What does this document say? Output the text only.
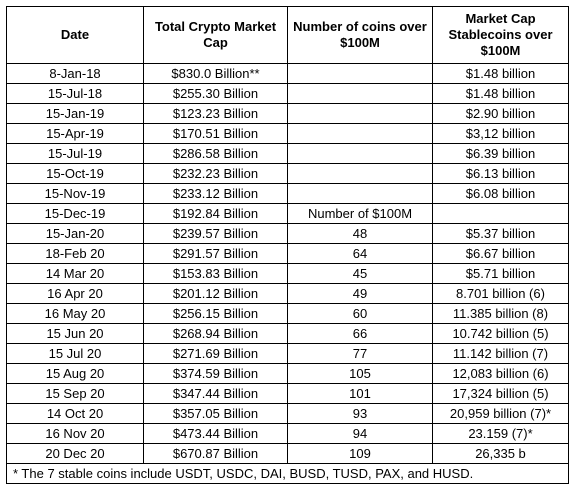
Date	Total Crypto Market Cap	Number of coins over $100M	Market Cap Stablecoins over $100M
8-Jan-18	$830.0 Billion**		$1.48 billion
15-Jul-18	$255.30 Billion		$1.48 billion
15-Jan-19	$123.23 Billion		$2.90 billion
15-Apr-19	$170.51 Billion		$3,12 billion
15-Jul-19	$286.58 Billion		$6.39 billion
15-Oct-19	$232.23 Billion		$6.13 billion
15-Nov-19	$233.12 Billion		$6.08 billion
15-Dec-19	$192.84 Billion	Number of $100M	
15-Jan-20	$239.57 Billion	48	$5.37 billion
18-Feb 20	$291.57 Billion	64	$6.67 billion
14 Mar 20	$153.83 Billion	45	$5.71 billion
16 Apr 20	$201.12 Billion	49	8.701 billion (6)
16 May 20	$256.15 Billion	60	11.385 billion (8)
15 Jun 20	$268.94 Billion	66	10.742 billion (5)
15 Jul 20	$271.69 Billion	77	11.142 billion (7)
15 Aug 20	$374.59 Billion	105	12,083 billion (6)
15 Sep 20	$347.44 Billion	101	17,324 billion (5)
14 Oct 20	$357.05 Billion	93	20,959 billion (7)*
16 Nov 20	$473.44 Billion	94	23.159 (7)*
20 Dec 20	$670.87 Billion	109	26,335 b
* The 7 stable coins include USDT, USDC, DAI, BUSD, TUSD, PAX, and HUSD.			
